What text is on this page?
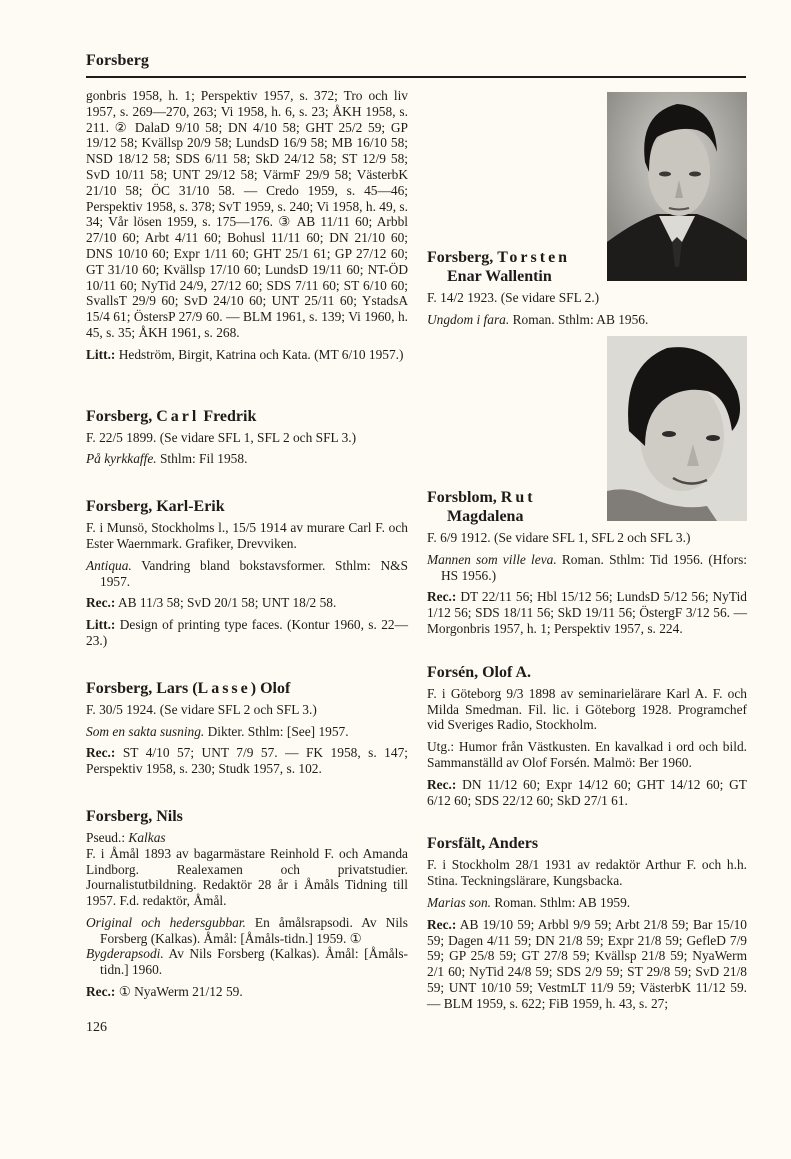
Forsberg

gonbris 1958, h. 1; Perspektiv 1957, s. 372; Tro och liv 1957, s. 269—270, 263; Vi 1958, h. 6, s. 23; ÅKH 1958, s. 211. ② DalaD 9/10 58; DN 4/10 58; GHT 25/2 59; GP 19/12 58; Kvällsp 20/9 58; LundsD 16/9 58; MB 16/10 58; NSD 18/12 58; SDS 6/11 58; SkD 24/12 58; ST 12/9 58; SvD 10/11 58; UNT 29/12 58; VärmF 29/9 58; VästerbK 21/10 58; ÖC 31/10 58. — Credo 1959, s. 45—46; Perspektiv 1958, s. 378; SvT 1959, s. 240; Vi 1958, h. 49, s. 34; Vår lösen 1959, s. 175—176. ③ AB 11/11 60; Arbbl 27/10 60; Arbt 4/11 60; Bohusl 11/11 60; DN 21/10 60; DNS 10/10 60; Expr 1/11 60; GHT 25/1 61; GP 27/12 60; GT 31/10 60; Kvällsp 17/10 60; LundsD 19/11 60; NT-ÖD 10/11 60; NyTid 24/9, 27/12 60; SDS 7/11 60; ST 6/10 60; SvallsT 29/9 60; SvD 24/10 60; UNT 25/11 60; YstadsA 15/4 61; ÖstersP 27/9 60. — BLM 1961, s. 139; Vi 1960, h. 45, s. 35; ÅKH 1961, s. 268.

Litt.: Hedström, Birgit, Katrina och Kata. (MT 6/10 1957.)

Forsberg, Carl Fredrik

F. 22/5 1899. (Se vidare SFL 1, SFL 2 och SFL 3.)

På kyrkkaffe. Sthlm: Fil 1958.

Forsberg, Karl-Erik

F. i Munsö, Stockholms l., 15/5 1914 av murare Carl F. och Ester Waernmark. Grafiker, Drevviken.

Antiqua. Vandring bland bokstavsformer. Sthlm: N&S 1957.

Rec.: AB 11/3 58; SvD 20/1 58; UNT 18/2 58.

Litt.: Design of printing type faces. (Kontur 1960, s. 22—23.)

Forsberg, Lars (Lasse) Olof

F. 30/5 1924. (Se vidare SFL 2 och SFL 3.)

Som en sakta susning. Dikter. Sthlm: [See] 1957.

Rec.: ST 4/10 57; UNT 7/9 57. — FK 1958, s. 147; Perspektiv 1958, s. 230; Studk 1957, s. 102.

Forsberg, Nils

Pseud.: Kalkas

F. i Åmål 1893 av bagarmästare Reinhold F. och Amanda Lindborg. Realexamen och privatstudier. Journalistutbildning. Redaktör 28 år i Åmåls Tidning till 1957. F.d. redaktör, Åmål.

Original och hedersgubbar. En åmålsrapsodi. Av Nils Forsberg (Kalkas). Åmål: [Åmåls-tidn.] 1959. ①

Bygderapsodi. Av Nils Forsberg (Kalkas). Åmål: [Åmåls-tidn.] 1960.

Rec.: ① NyaWerm 21/12 59.

Forsberg, Torsten
Enar Wallentin

F. 14/2 1923. (Se vidare SFL 2.)

Ungdom i fara. Roman. Sthlm: AB 1956.

Forsblom, Rut
Magdalena

F. 6/9 1912. (Se vidare SFL 1, SFL 2 och SFL 3.)

Mannen som ville leva. Roman. Sthlm: Tid 1956. (Hfors: HS 1956.)

Rec.: DT 22/11 56; Hbl 15/12 56; LundsD 5/12 56; NyTid 1/12 56; SDS 18/11 56; SkD 19/11 56; ÖstergF 3/12 56. — Morgonbris 1957, h. 1; Perspektiv 1957, s. 224.

Forsén, Olof A.

F. i Göteborg 9/3 1898 av seminarielärare Karl A. F. och Milda Smedman. Fil. lic. i Göteborg 1928. Programchef vid Sveriges Radio, Stockholm.

Utg.: Humor från Västkusten. En kavalkad i ord och bild. Sammanställd av Olof Forsén. Malmö: Ber 1960.

Rec.: DN 11/12 60; Expr 14/12 60; GHT 14/12 60; GT 6/12 60; SDS 22/12 60; SkD 27/1 61.

Forsfält, Anders

F. i Stockholm 28/1 1931 av redaktör Arthur F. och h.h. Stina. Teckningslärare, Kungsbacka.

Marias son. Roman. Sthlm: AB 1959.

Rec.: AB 19/10 59; Arbbl 9/9 59; Arbt 21/8 59; Bar 15/10 59; Dagen 4/11 59; DN 21/8 59; Expr 21/8 59; GefleD 7/9 59; GP 25/8 59; GT 27/8 59; Kvällsp 21/8 59; NyaWerm 2/1 60; NyTid 24/8 59; SDS 2/9 59; ST 29/8 59; SvD 21/8 59; UNT 10/10 59; VestmLT 11/9 59; VästerbK 11/12 59. — BLM 1959, s. 622; FiB 1959, h. 43, s. 27;

126
